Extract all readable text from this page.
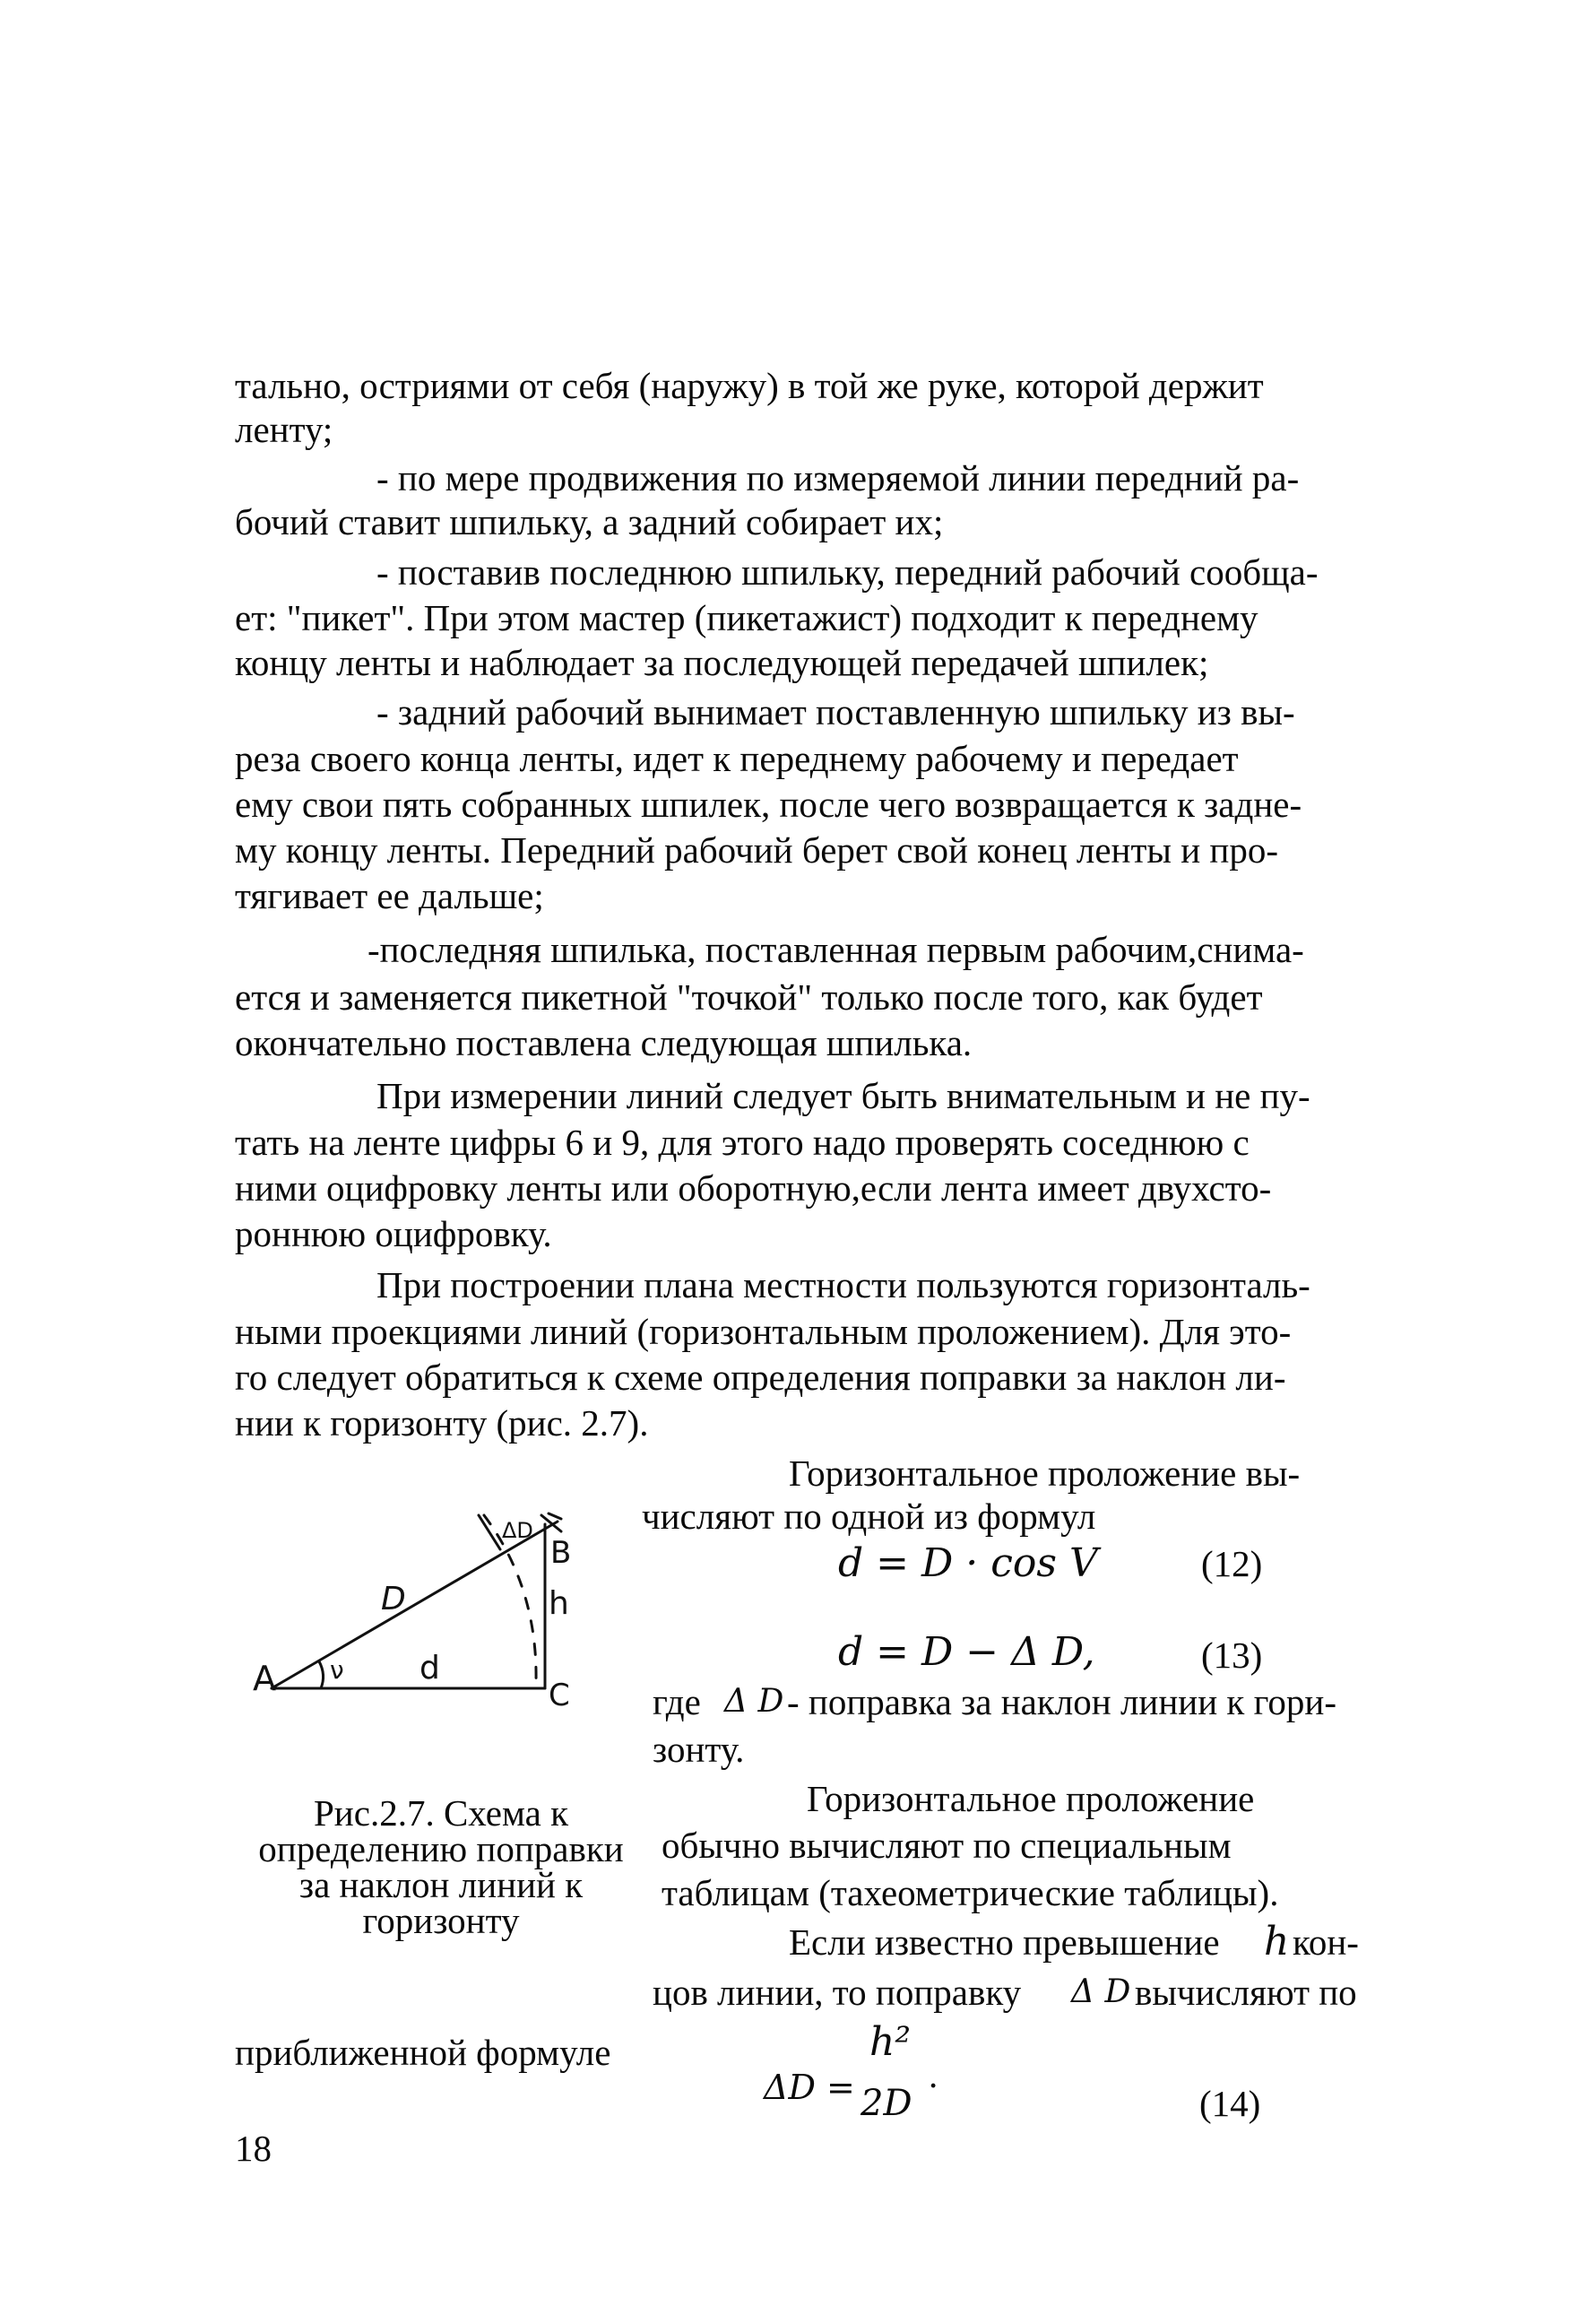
тально, остриями от себя (наружу) в той же руке, которой держит
ленту;
- по мере продвижения по измеряемой линии передний ра-
бочий ставит шпильку, а задний собирает их;
- поставив последнюю шпильку, передний рабочий сообща-
ет: "пикет". При этом мастер (пикетажист) подходит к переднему
концу ленты и наблюдает за последующей передачей шпилек;
- задний рабочий вынимает поставленную шпильку из вы-
реза своего конца ленты, идет к переднему рабочему и передает
ему свои пять собранных шпилек, после чего возвращается к задне-
му концу ленты. Передний рабочий берет свой конец ленты и про-
тягивает ее дальше;
-последняя шпилька, поставленная первым рабочим,снима-
ется и заменяется пикетной "точкой" только после того, как будет
окончательно поставлена следующая шпилька.
При измерении линий следует быть внимательным и не пу-
тать на ленте цифры 6 и 9, для этого надо проверять соседнюю с
ними оцифровку ленты или оборотную,если лента имеет двухсто-
роннюю оцифровку.
При построении плана местности пользуются горизонталь-
ными проекциями линий (горизонтальным проложением). Для это-
го следует обратиться к схеме определения поправки за наклон ли-
нии к горизонту (рис. 2.7).
Горизонтальное проложение вы-
числяют по одной из формул
d = D · cos V	(12)
d = D − Δ D,	(13)
где Δ D - поправка за наклон линии к гори-
зонту.
Горизонтальное проложение
обычно вычисляют по специальным
таблицам (тахеометрические таблицы).
Если известно превышение h кон-
цов линии, то поправку Δ D вычисляют по
приближенной формуле
ΔD =
h²
2D
.
(14)
Рис.2.7. Схема к
определению поправки
за наклон линий к
горизонту
18
A
B
C
D
d
h
ν
ΔD
